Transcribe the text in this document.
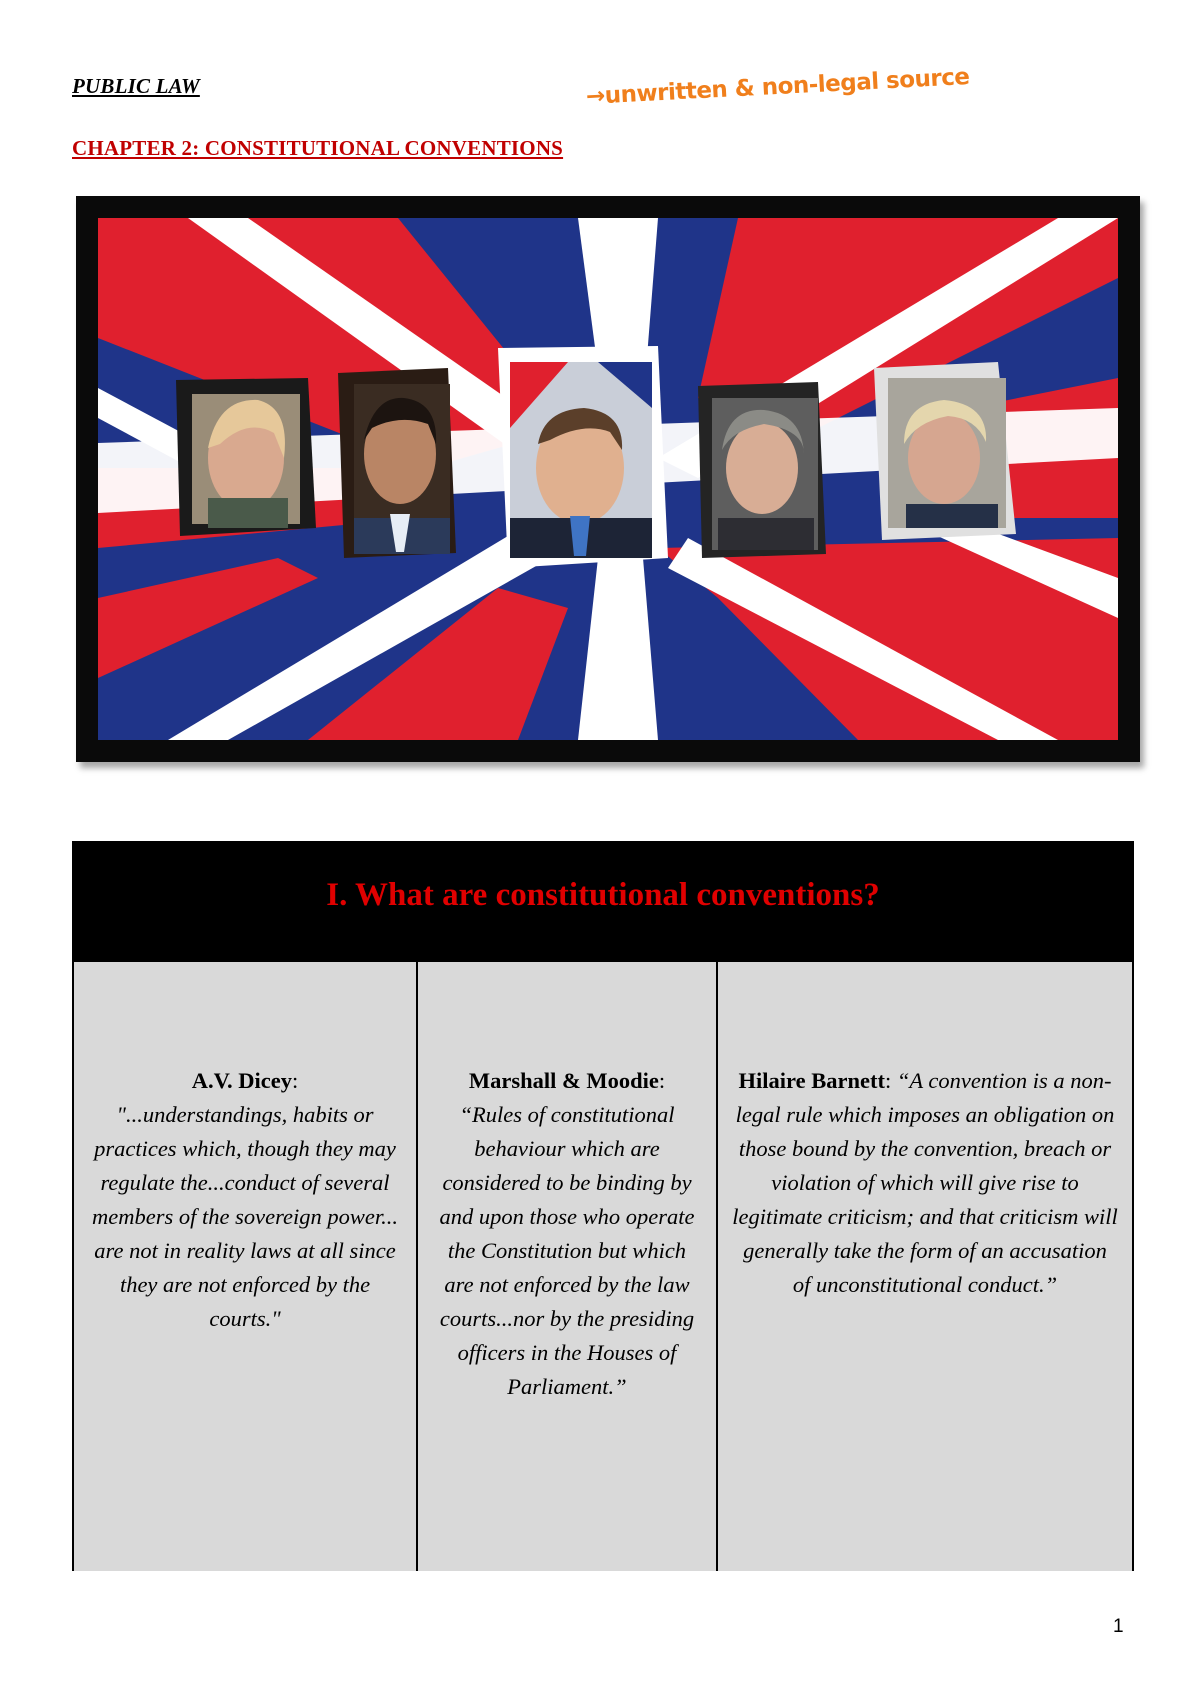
PUBLIC LAW
CHAPTER 2: CONSTITUTIONAL CONVENTIONS
→unwritten & non-legal source
I. What are constitutional conventions?
A.V. Dicey:
"...understandings, habits or practices which, though they may regulate the...conduct of several members of the sovereign power... are not in reality laws at all since they are not enforced by the courts."
Marshall & Moodie:
“Rules of constitutional behaviour which are considered to be binding by and upon those who operate the Constitution but which are not enforced by the law courts...nor by the presiding officers in the Houses of Parliament.”
Hilaire Barnett: “A convention is a non-legal rule which imposes an obligation on those bound by the convention, breach or violation of which will give rise to legitimate criticism; and that criticism will generally take the form of an accusation of unconstitutional conduct.”
1
